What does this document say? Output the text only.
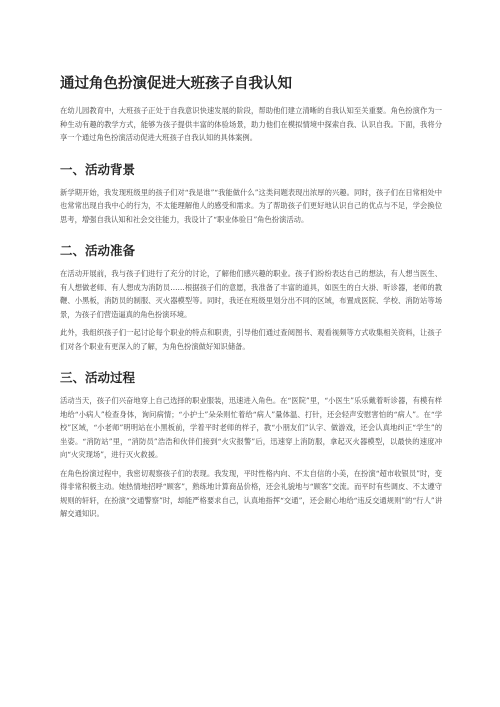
通过角色扮演促进大班孩子自我认知

在幼儿园教育中，大班孩子正处于自我意识快速发展的阶段，帮助他们建立清晰的自我认知至关重要。角色扮演作为一种生动有趣的教学方式，能够为孩子提供丰富的体验场景，助力他们在模拟情境中探索自我、认识自我。下面，我将分享一个通过角色扮演活动促进大班孩子自我认知的具体案例。

一、活动背景

新学期开始，我发现班级里的孩子们对“我是谁”“我能做什么”这类问题表现出浓厚的兴趣。同时，孩子们在日常相处中也常常出现自我中心的行为，不太能理解他人的感受和需求。为了帮助孩子们更好地认识自己的优点与不足，学会换位思考，增强自我认知和社会交往能力，我设计了“职业体验日”角色扮演活动。

二、活动准备

在活动开展前，我与孩子们进行了充分的讨论，了解他们感兴趣的职业。孩子们纷纷表达自己的想法，有人想当医生、有人想做老师、有人想成为消防员……根据孩子们的意愿，我准备了丰富的道具，如医生的白大褂、听诊器，老师的教鞭、小黑板，消防员的制服、灭火器模型等。同时，我还在班级里划分出不同的区域，布置成医院、学校、消防站等场景，为孩子们营造逼真的角色扮演环境。

此外，我组织孩子们一起讨论每个职业的特点和职责，引导他们通过查阅图书、观看视频等方式收集相关资料，让孩子们对各个职业有更深入的了解，为角色扮演做好知识储备。

三、活动过程

活动当天，孩子们兴奋地穿上自己选择的职业服装，迅速进入角色。在“医院”里，“小医生”乐乐戴着听诊器，有模有样地给“小病人”检查身体，询问病情；“小护士”朵朵则忙着给“病人”量体温、打针，还会轻声安慰害怕的“病人”。在“学校”区域，“小老师”明明站在小黑板前，学着平时老师的样子，教“小朋友们”认字、做游戏，还会认真地纠正“学生”的坐姿。“消防站”里，“消防员”浩浩和伙伴们接到“火灾报警”后，迅速穿上消防服，拿起灭火器模型，以最快的速度冲向“火灾现场”，进行灭火救援。

在角色扮演过程中，我密切观察孩子们的表现。我发现，平时性格内向、不太自信的小美，在扮演“超市收银员”时，变得非常积极主动。她热情地招呼“顾客”，熟练地计算商品价格，还会礼貌地与“顾客”交流。而平时有些调皮、不太遵守规则的轩轩，在扮演“交通警察”时，却能严格要求自己，认真地指挥“交通”，还会耐心地给“违反交通规则”的“行人”讲解交通知识。
